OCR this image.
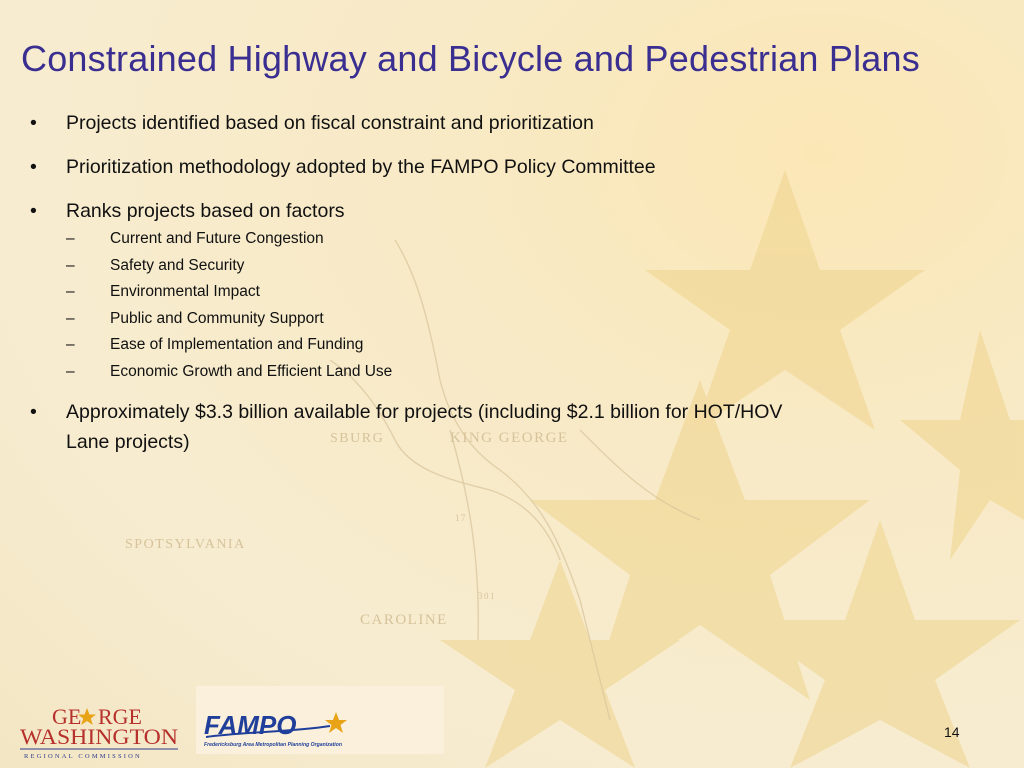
KING GEORGE
SBURG
SPOTSYLVANIA
CAROLINE
17
301
Constrained Highway and Bicycle and Pedestrian Plans
• Projects identified based on fiscal constraint and prioritization
• Prioritization methodology adopted by the FAMPO Policy Committee
• Ranks projects based on factors
– Current and Future Congestion
– Safety and Security
– Environmental Impact
– Public and Community Support
– Ease of Implementation and Funding
– Economic Growth and Efficient Land Use
• Approximately $3.3 billion available for projects (including $2.1 billion for HOT/HOV Lane projects)
GE RGE
WASHINGTON
REGIONAL COMMISSION
FAMPO
Fredericksburg Area Metropolitan Planning Organization
14
